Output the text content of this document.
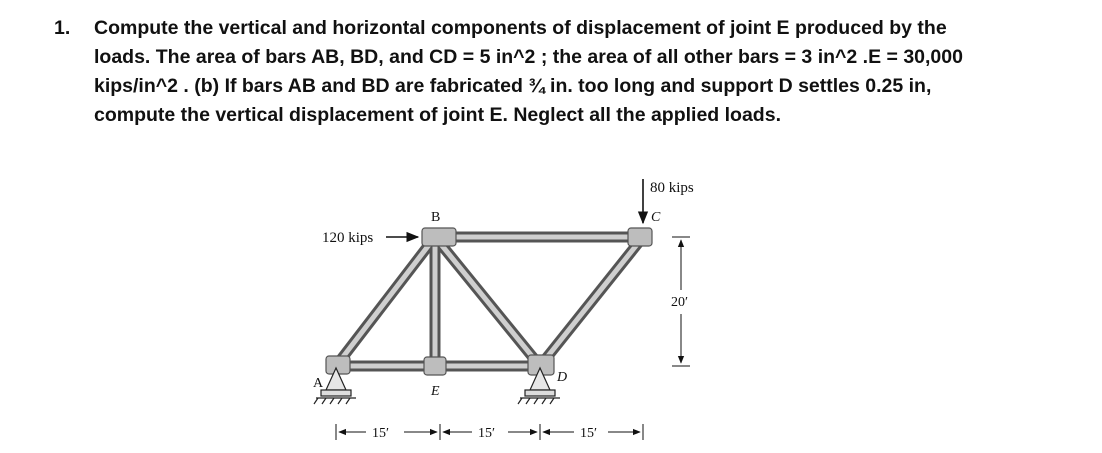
1. Compute the vertical and horizontal components of displacement of joint E produced by the
loads. The area of bars AB, BD, and CD = 5 in^2 ; the area of all other bars = 3 in^2 .E = 30,000
kips/in^2 . (b) If bars AB and BD are fabricated ¾ in. too long and support D settles 0.25 in,
compute the vertical displacement of joint E. Neglect all the applied loads.
120 kips
80 kips
A
B	C
D
E
20′
15′	15′	15′
